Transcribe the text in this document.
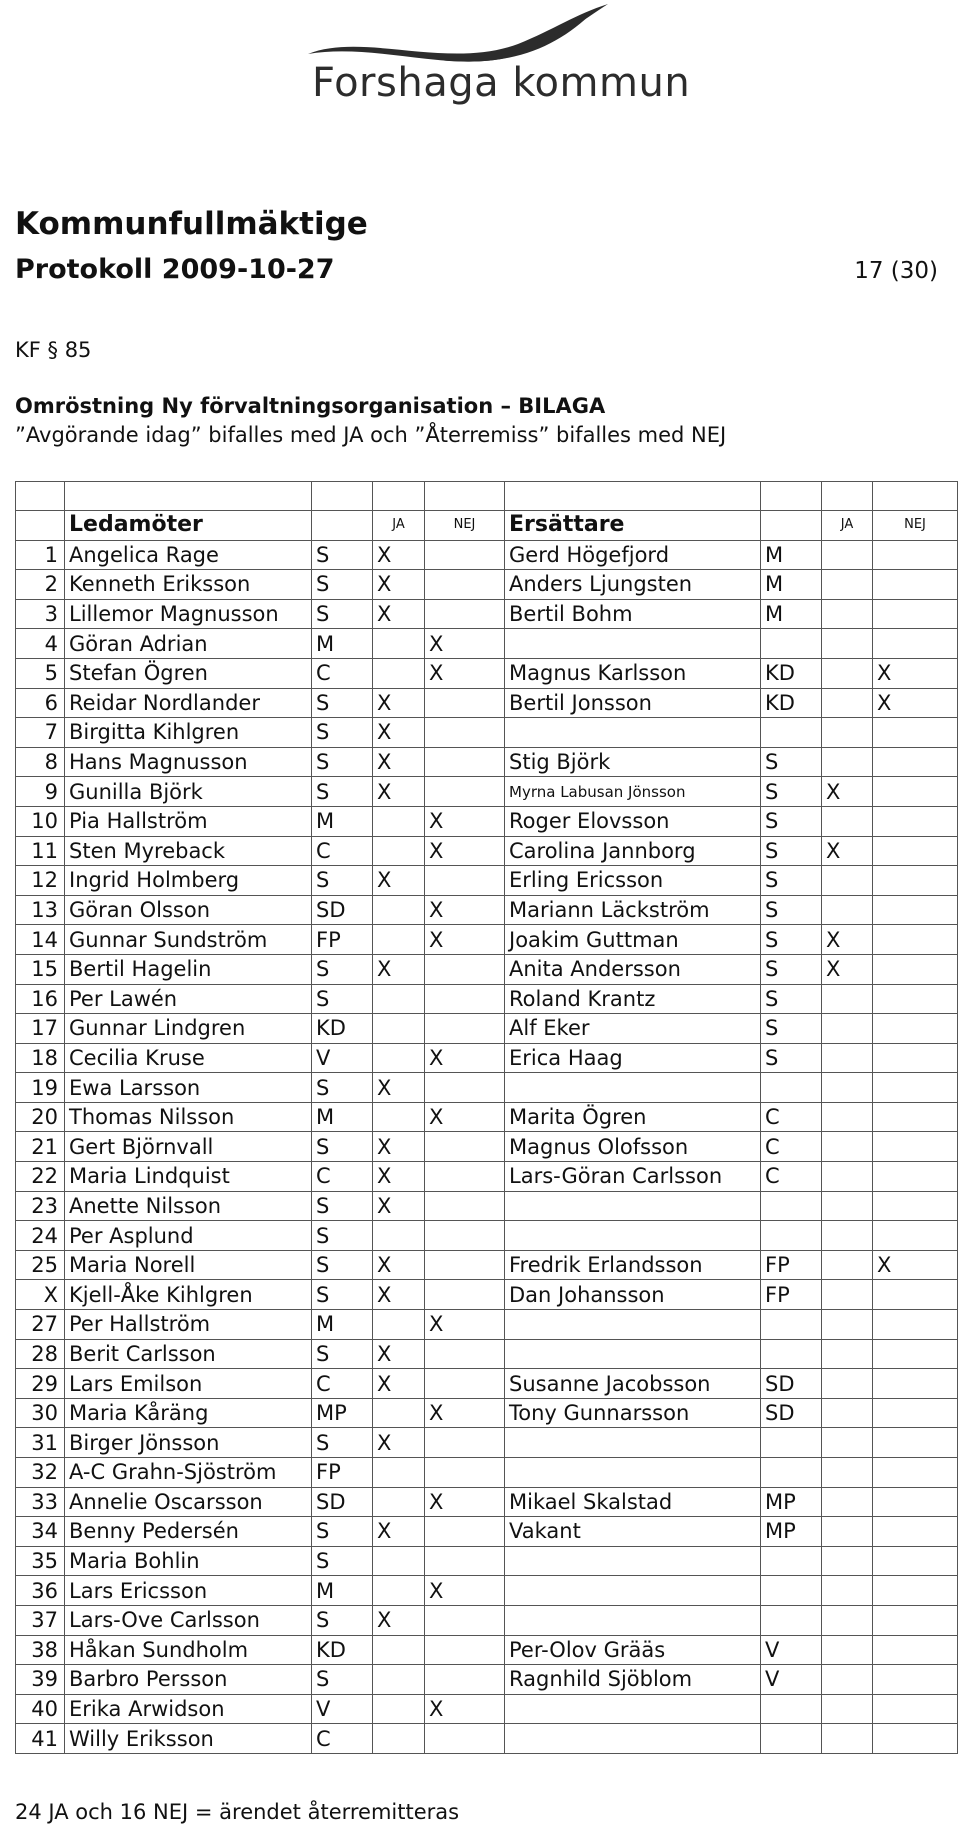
Forshaga kommun
Kommunfullmäktige
Protokoll 2009-10-27	17 (30)
KF § 85
Omröstning Ny förvaltningsorganisation – BILAGA
”Avgörande idag” bifalles med JA och ”Återremiss” bifalles med NEJ

	Ledamöter		JA	NEJ	Ersättare		JA	NEJ
1	Angelica Rage	S	X		Gerd Högefjord	M		
2	Kenneth Eriksson	S	X		Anders Ljungsten	M		
3	Lillemor Magnusson	S	X		Bertil Bohm	M		
4	Göran Adrian	M		X				
5	Stefan Ögren	C		X	Magnus Karlsson	KD		X
6	Reidar Nordlander	S	X		Bertil Jonsson	KD		X
7	Birgitta Kihlgren	S	X					
8	Hans Magnusson	S	X		Stig Björk	S		
9	Gunilla Björk	S	X		Myrna Labusan Jönsson	S	X	
10	Pia Hallström	M		X	Roger Elovsson	S		
11	Sten Myreback	C		X	Carolina Jannborg	S	X	
12	Ingrid Holmberg	S	X		Erling Ericsson	S		
13	Göran Olsson	SD		X	Mariann Läckström	S		
14	Gunnar Sundström	FP		X	Joakim Guttman	S	X	
15	Bertil Hagelin	S	X		Anita Andersson	S	X	
16	Per Lawén	S			Roland Krantz	S		
17	Gunnar Lindgren	KD			Alf Eker	S		
18	Cecilia Kruse	V		X	Erica Haag	S		
19	Ewa Larsson	S	X					
20	Thomas Nilsson	M		X	Marita Ögren	C		
21	Gert Björnvall	S	X		Magnus Olofsson	C		
22	Maria Lindquist	C	X		Lars-Göran Carlsson	C		
23	Anette Nilsson	S	X					
24	Per Asplund	S						
25	Maria Norell	S	X		Fredrik Erlandsson	FP		X
X	Kjell-Åke Kihlgren	S	X		Dan Johansson	FP		
27	Per Hallström	M		X				
28	Berit Carlsson	S	X					
29	Lars Emilson	C	X		Susanne Jacobsson	SD		
30	Maria Kåräng	MP		X	Tony Gunnarsson	SD		
31	Birger Jönsson	S	X					
32	A-C Grahn-Sjöström	FP						
33	Annelie Oscarsson	SD		X	Mikael Skalstad	MP		
34	Benny Pedersén	S	X		Vakant	MP		
35	Maria Bohlin	S						
36	Lars Ericsson	M		X				
37	Lars-Ove Carlsson	S	X					
38	Håkan Sundholm	KD			Per-Olov Grääs	V		
39	Barbro Persson	S			Ragnhild Sjöblom	V		
40	Erika Arwidson	V		X				
41	Willy Eriksson	C						
24 JA och 16 NEJ = ärendet återremitteras
